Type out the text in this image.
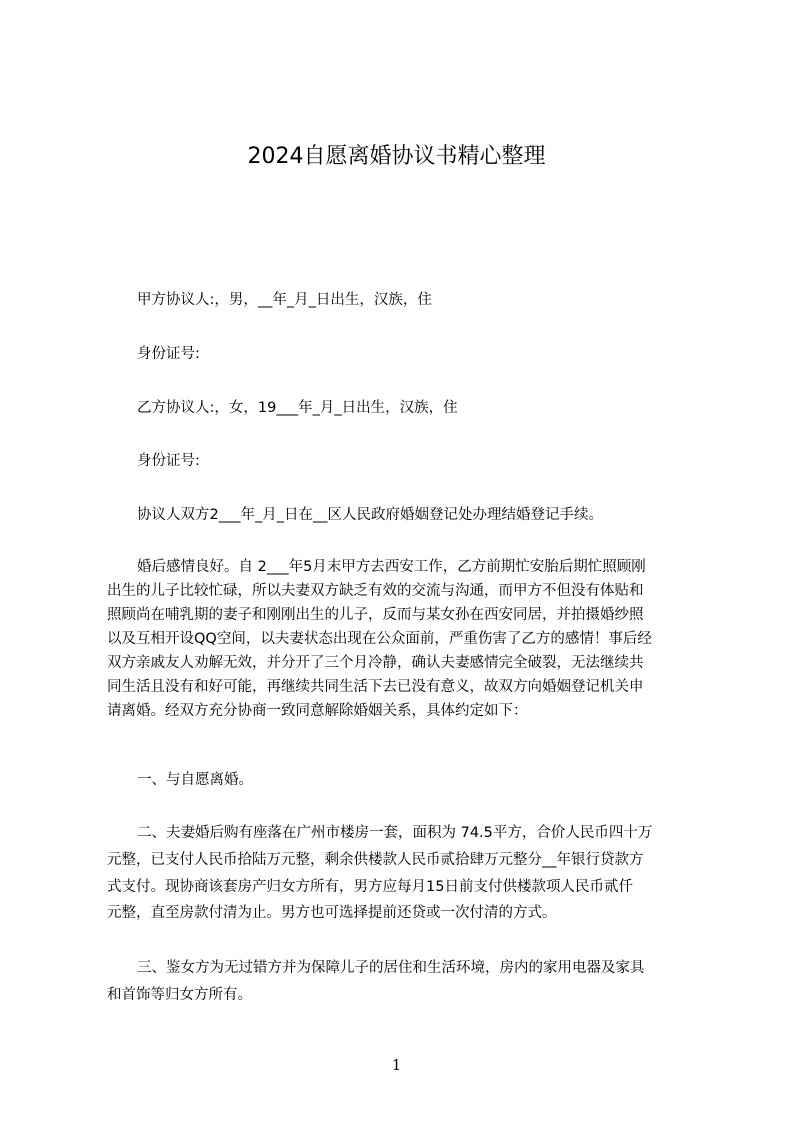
2024自愿离婚协议书精心整理
甲方协议人:，男，__年_月_日出生，汉族，住
身份证号:
乙方协议人:，女，19___年_月_日出生，汉族，住
身份证号:
协议人双方2___年_月_日在__区人民政府婚姻登记处办理结婚登记手续。
婚后感情良好。自 2___年5月末甲方去西安工作，乙方前期忙安胎后期忙照顾刚
出生的儿子比较忙碌，所以夫妻双方缺乏有效的交流与沟通，而甲方不但没有体贴和
照顾尚在哺乳期的妻子和刚刚出生的儿子，反而与某女孙在西安同居，并拍摄婚纱照
以及互相开设QQ空间，以夫妻状态出现在公众面前，严重伤害了乙方的感情！事后经
双方亲戚友人劝解无效，并分开了三个月冷静，确认夫妻感情完全破裂，无法继续共
同生活且没有和好可能，再继续共同生活下去已没有意义，故双方向婚姻登记机关申
请离婚。经双方充分协商一致同意解除婚姻关系，具体约定如下：
一、与自愿离婚。
二、夫妻婚后购有座落在广州市楼房一套，面积为 74.5平方，合价人民币四十万
元整，已支付人民币拾陆万元整，剩余供楼款人民币贰拾肆万元整分__年银行贷款方
式支付。现协商该套房产归女方所有，男方应每月15日前支付供楼款项人民币贰仟
元整，直至房款付清为止。男方也可选择提前还贷或一次付清的方式。
三、鉴女方为无过错方并为保障儿子的居住和生活环境，房内的家用电器及家具
和首饰等归女方所有。
1
